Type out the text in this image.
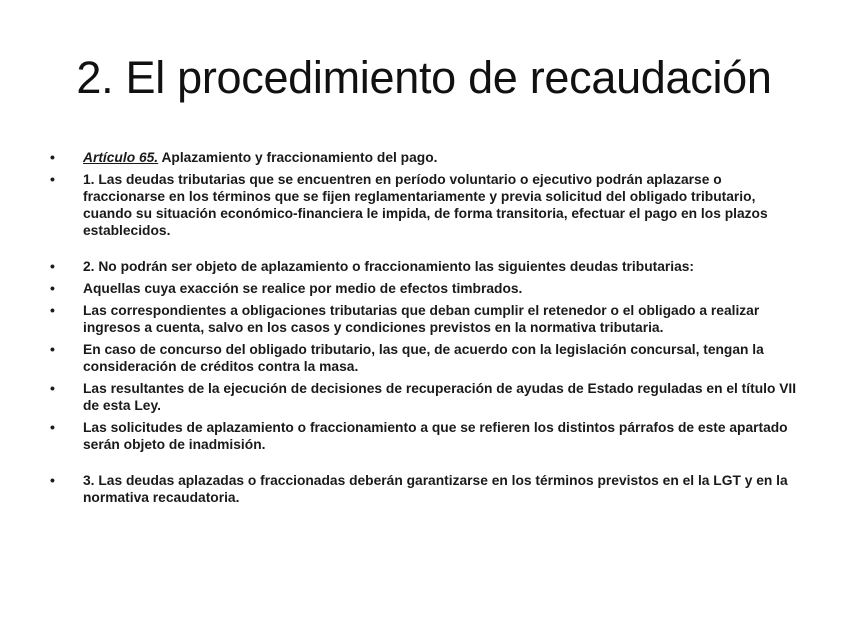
2. El procedimiento de recaudación
•	Artículo 65. Aplazamiento y fraccionamiento del pago.
•	1. Las deudas tributarias que se encuentren en período voluntario o ejecutivo podrán aplazarse o fraccionarse en los términos que se fijen reglamentariamente y previa solicitud del obligado tributario, cuando su situación económico-financiera le impida, de forma transitoria, efectuar el pago en los plazos establecidos.
•	2. No podrán ser objeto de aplazamiento o fraccionamiento las siguientes deudas tributarias:
•	Aquellas cuya exacción se realice por medio de efectos timbrados.
•	Las correspondientes a obligaciones tributarias que deban cumplir el retenedor o el obligado a realizar ingresos a cuenta, salvo en los casos y condiciones previstos en la normativa tributaria.
•	En caso de concurso del obligado tributario, las que, de acuerdo con la legislación concursal, tengan la consideración de créditos contra la masa.
•	Las resultantes de la ejecución de decisiones de recuperación de ayudas de Estado reguladas en el título VII de esta Ley.
•	Las solicitudes de aplazamiento o fraccionamiento a que se refieren los distintos párrafos de este apartado serán objeto de inadmisión.
•	3. Las deudas aplazadas o fraccionadas deberán garantizarse en los términos previstos en el la LGT y en la normativa recaudatoria.
